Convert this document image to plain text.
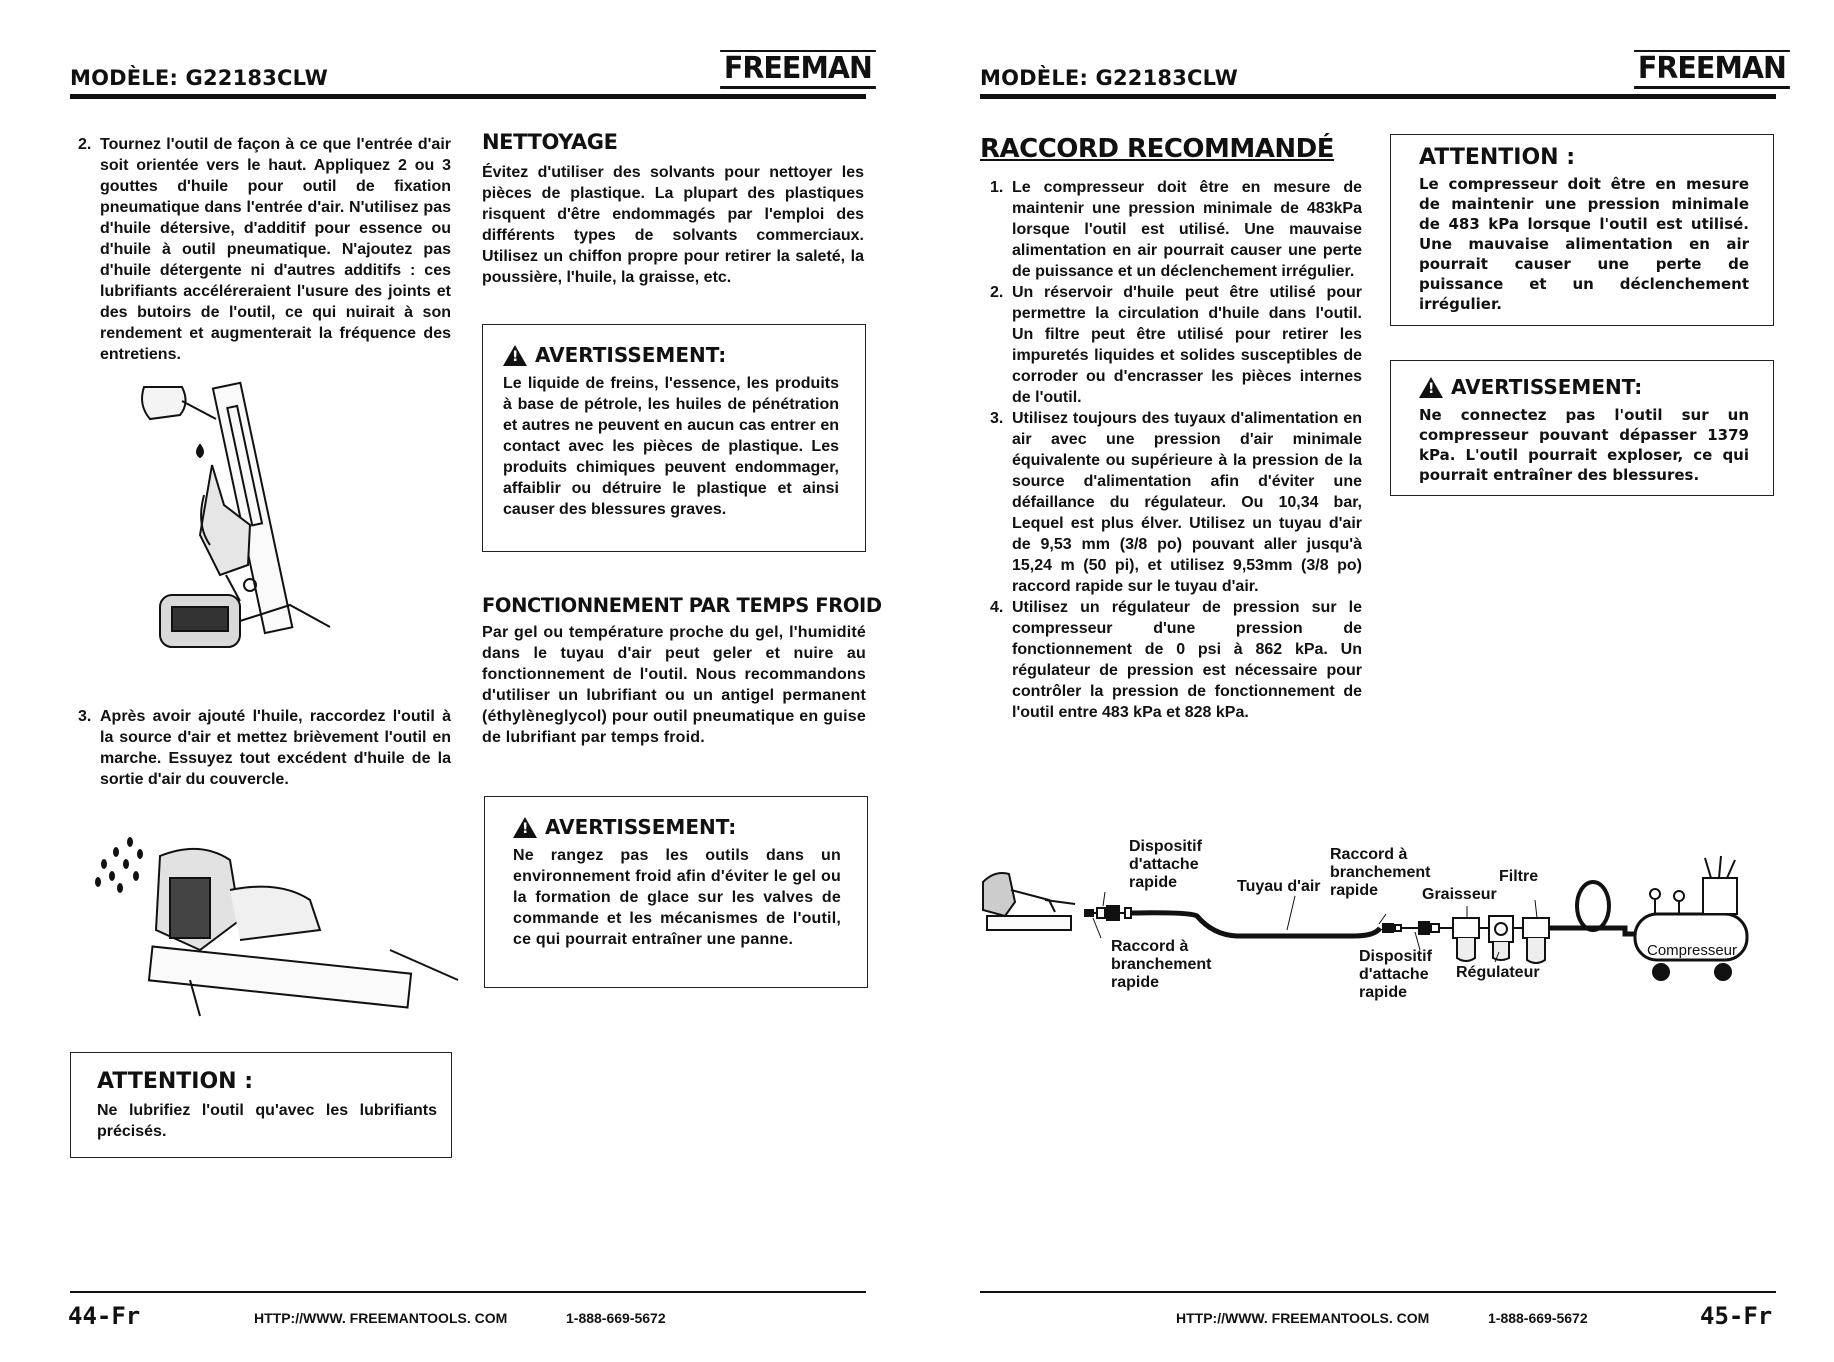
MODÈLE: G22183CLW	FREEMAN
2. Tournez l'outil de façon à ce que l'entrée d'air soit orientée vers le haut. Appliquez 2 ou 3 gouttes d'huile pour outil de fixation pneumatique dans l'entrée d'air. N'utilisez pas d'huile détersive, d'additif pour essence ou d'huile à outil pneumatique. N'ajoutez pas d'huile détergente ni d'autres additifs : ces lubrifiants accéléreraient l'usure des joints et des butoirs de l'outil, ce qui nuirait à son rendement et augmenterait la fréquence des entretiens.
3. Après avoir ajouté l'huile, raccordez l'outil à la source d'air et mettez brièvement l'outil en marche. Essuyez tout excédent d'huile de la sortie d'air du couvercle.
ATTENTION :
Ne lubrifiez l'outil qu'avec les lubrifiants précisés.
NETTOYAGE
Évitez d'utiliser des solvants pour nettoyer les pièces de plastique. La plupart des plastiques risquent d'être endommagés par l'emploi des différents types de solvants commerciaux. Utilisez un chiffon propre pour retirer la saleté, la poussière, l'huile, la graisse, etc.
!
AVERTISSEMENT:
Le liquide de freins, l'essence, les produits à base de pétrole, les huiles de pénétration et autres ne peuvent en aucun cas entrer en contact avec les pièces de plastique. Les produits chimiques peuvent endommager, affaiblir ou détruire le plastique et ainsi causer des blessures graves.
FONCTIONNEMENT PAR TEMPS FROID
Par gel ou température proche du gel, l'humidité dans le tuyau d'air peut geler et nuire au fonctionnement de l'outil. Nous recommandons d'utiliser un lubrifiant ou un antigel permanent (éthylèneglycol) pour outil pneumatique en guise de lubrifiant par temps froid.
!
AVERTISSEMENT:
Ne rangez pas les outils dans un environnement froid afin d'éviter le gel ou la formation de glace sur les valves de commande et les mécanismes de l'outil, ce qui pourrait entraîner une panne.
44-Fr	HTTP://WWW. FREEMANTOOLS. COM	1-888-669-5672
MODÈLE: G22183CLW	FREEMAN
RACCORD RECOMMANDÉ
1. Le compresseur doit être en mesure de maintenir une pression minimale de 483kPa lorsque l'outil est utilisé. Une mauvaise alimentation en air pourrait causer une perte de puissance et un déclenchement irrégulier.
2. Un réservoir d'huile peut être utilisé pour permettre la circulation d'huile dans l'outil. Un filtre peut être utilisé pour retirer les impuretés liquides et solides susceptibles de corroder ou d'encrasser les pièces internes de l'outil.
3. Utilisez toujours des tuyaux d'alimentation en air avec une pression d'air minimale équivalente ou supérieure à la pression de la source d'alimentation afin d'éviter une défaillance du régulateur. Ou 10,34 bar, Lequel est plus élver. Utilisez un tuyau d'air de 9,53 mm (3/8 po) pouvant aller jusqu'à 15,24 m (50 pi), et utilisez 9,53mm (3/8 po) raccord rapide sur le tuyau d'air.
4. Utilisez un régulateur de pression sur le compresseur d'une pression de fonctionnement de 0 psi à 862 kPa. Un régulateur de pression est nécessaire pour contrôler la pression de fonctionnement de l'outil entre 483 kPa et 828 kPa.
ATTENTION :
Le compresseur doit être en mesure de maintenir une pression minimale de 483 kPa lorsque l'outil est utilisé. Une mauvaise alimentation en air pourrait causer une perte de puissance et un déclenchement irrégulier.
!
AVERTISSEMENT:
Ne connectez pas l'outil sur un compresseur pouvant dépasser 1379 kPa. L'outil pourrait exploser, ce qui pourrait entraîner des blessures.
Dispositif d'attache rapide
Raccord à branchement rapide
Tuyau d'air
Raccord à branchement rapide
Dispositif d'attache rapide
Graisseur
Filtre
Régulateur
Compresseur
HTTP://WWW. FREEMANTOOLS. COM	1-888-669-5672	45-Fr
